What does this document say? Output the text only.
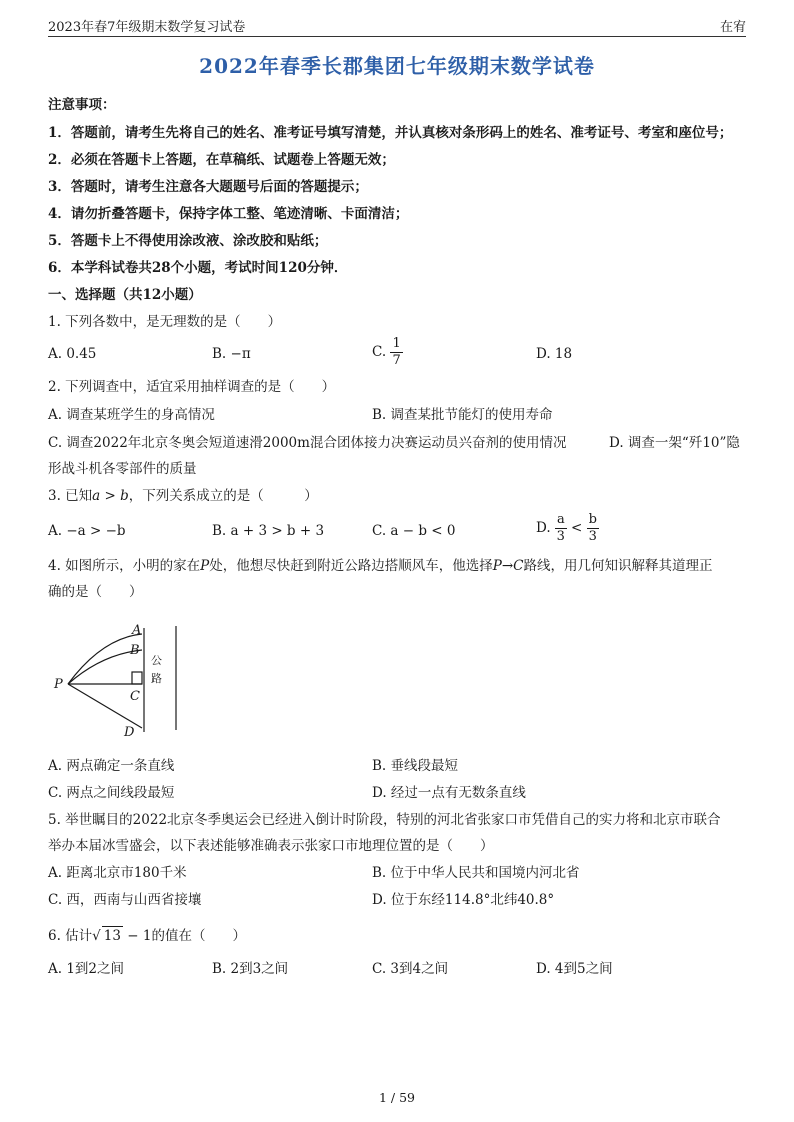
2023年春7年级期末数学复习试卷	在宥
2022年春季长郡集团七年级期末数学试卷
注意事项：
1．答题前，请考生先将自己的姓名、准考证号填写清楚，并认真核对条形码上的姓名、准考证号、考室和座位号；
2．必须在答题卡上答题，在草稿纸、试题卷上答题无效；
3．答题时，请考生注意各大题题号后面的答题提示；
4．请勿折叠答题卡，保持字体工整、笔迹清晰、卡面清洁；
5．答题卡上不得使用涂改液、涂改胶和贴纸；
6．本学科试卷共28个小题，考试时间120分钟．
一、选择题（共12小题）
1. 下列各数中，是无理数的是（　　）
A. 0.45	B. −π	C. $\frac{1}{7}$	D. 18
2. 下列调查中，适宜采用抽样调查的是（　　）
A. 调查某班学生的身高情况	B. 调查某批节能灯的使用寿命
C. 调查2022年北京冬奥会短道速滑2000m混合团体接力决赛运动员兴奋剂的使用情况	D. 调查一架“歼10”隐
形战斗机各零部件的质量
3. 已知a > b，下列关系成立的是（　　　）
A. −a > −b	B. a + 3 > b + 3	C. a − b < 0	D. $\frac{a}{3} < \frac{b}{3}$
4. 如图所示，小明的家在P处，他想尽快赶到附近公路边搭顺风车，他选择P→C路线，用几何知识解释其道理正
确的是（　　）
A
B
C
D
P
公
路
A. 两点确定一条直线	B. 垂线段最短
C. 两点之间线段最短	D. 经过一点有无数条直线
5. 举世瞩目的2022北京冬季奥运会已经进入倒计时阶段，特别的河北省张家口市凭借自己的实力将和北京市联合
举办本届冰雪盛会，以下表述能够准确表示张家口市地理位置的是（　　）
A. 距离北京市180千米	B. 位于中华人民共和国境内河北省
C. 西，西南与山西省接壤	D. 位于东经114.8°北纬40.8°
6. 估计√ 13 − 1的值在（　　）
A. 1到2之间	B. 2到3之间	C. 3到4之间	D. 4到5之间
1 / 59
